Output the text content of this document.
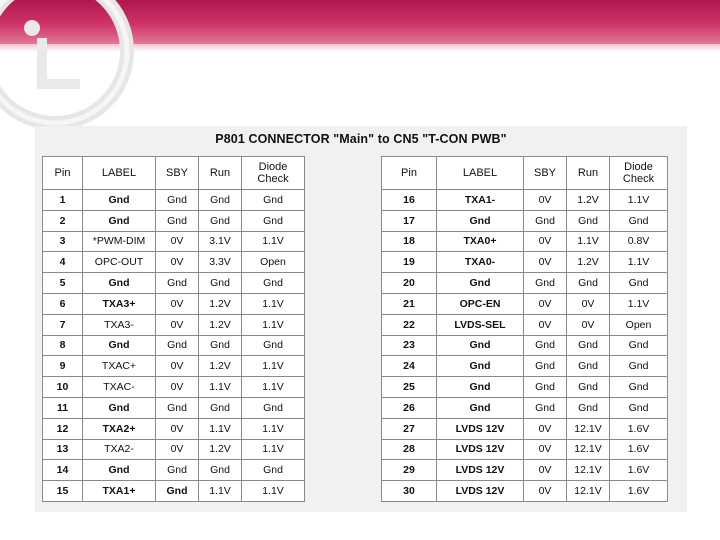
P801 CONNECTOR "Main" to CN5 "T-CON PWB"
Pin	LABEL	SBY	Run	Diode Check
1	Gnd	Gnd	Gnd	Gnd
2	Gnd	Gnd	Gnd	Gnd
3	*PWM-DIM	0V	3.1V	1.1V
4	OPC-OUT	0V	3.3V	Open
5	Gnd	Gnd	Gnd	Gnd
6	TXA3+	0V	1.2V	1.1V
7	TXA3-	0V	1.2V	1.1V
8	Gnd	Gnd	Gnd	Gnd
9	TXAC+	0V	1.2V	1.1V
10	TXAC-	0V	1.1V	1.1V
11	Gnd	Gnd	Gnd	Gnd
12	TXA2+	0V	1.1V	1.1V
13	TXA2-	0V	1.2V	1.1V
14	Gnd	Gnd	Gnd	Gnd
15	TXA1+	Gnd	1.1V	1.1V
Pin	LABEL	SBY	Run	Diode Check
16	TXA1-	0V	1.2V	1.1V
17	Gnd	Gnd	Gnd	Gnd
18	TXA0+	0V	1.1V	0.8V
19	TXA0-	0V	1.2V	1.1V
20	Gnd	Gnd	Gnd	Gnd
21	OPC-EN	0V	0V	1.1V
22	LVDS-SEL	0V	0V	Open
23	Gnd	Gnd	Gnd	Gnd
24	Gnd	Gnd	Gnd	Gnd
25	Gnd	Gnd	Gnd	Gnd
26	Gnd	Gnd	Gnd	Gnd
27	LVDS 12V	0V	12.1V	1.6V
28	LVDS 12V	0V	12.1V	1.6V
29	LVDS 12V	0V	12.1V	1.6V
30	LVDS 12V	0V	12.1V	1.6V
